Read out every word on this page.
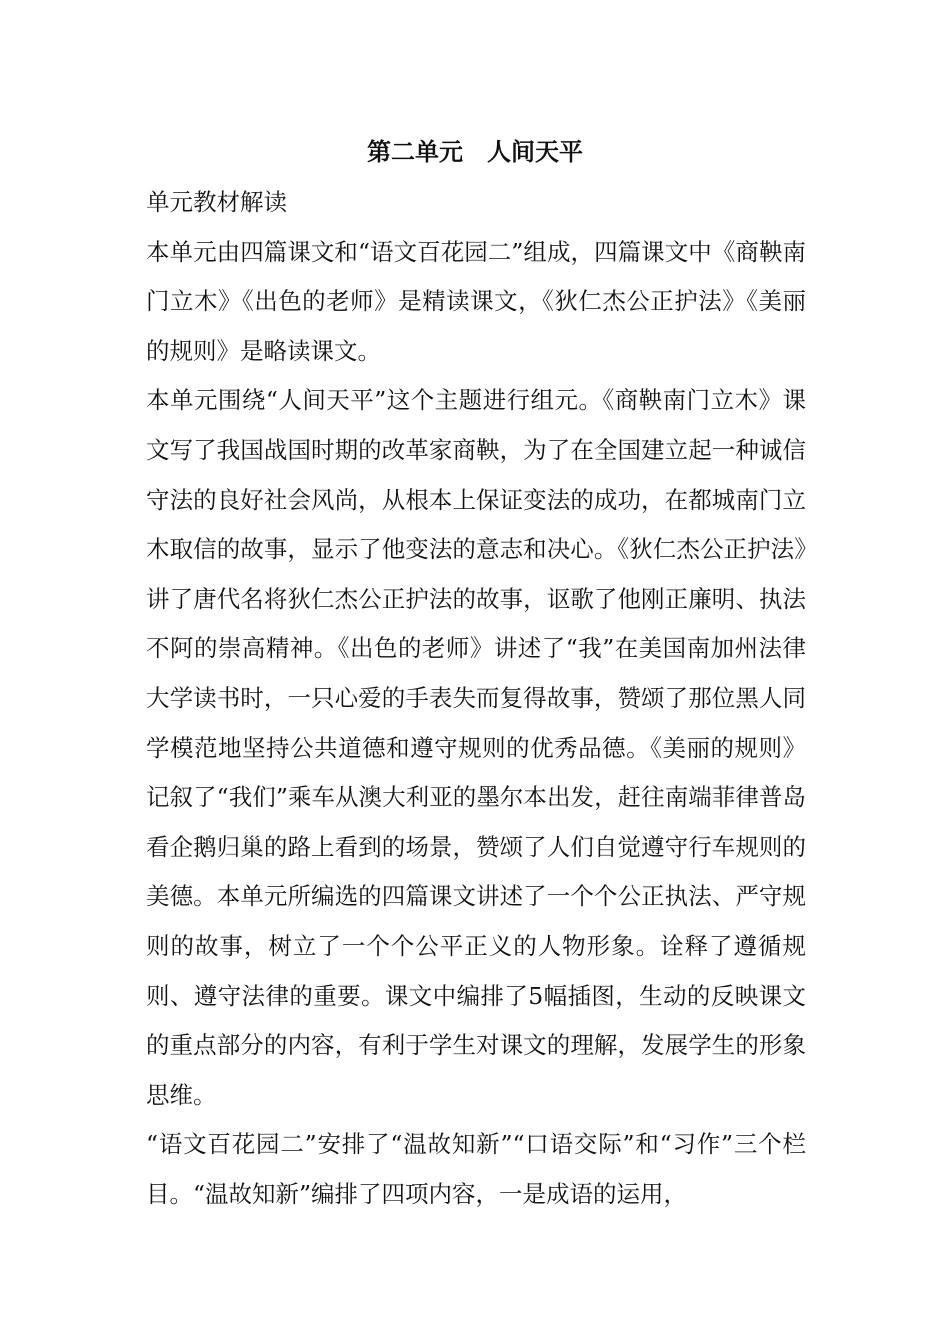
第二单元　人间天平

单元教材解读

本单元由四篇课文和“语文百花园二”组成，四篇课文中《商鞅南门立木》《出色的老师》是精读课文，《狄仁杰公正护法》《美丽的规则》是略读课文。

本单元围绕“人间天平”这个主题进行组元。《商鞅南门立木》课文写了我国战国时期的改革家商鞅，为了在全国建立起一种诚信守法的良好社会风尚，从根本上保证变法的成功，在都城南门立木取信的故事，显示了他变法的意志和决心。《狄仁杰公正护法》讲了唐代名将狄仁杰公正护法的故事，讴歌了他刚正廉明、执法不阿的崇高精神。《出色的老师》讲述了“我”在美国南加州法律大学读书时，一只心爱的手表失而复得故事，赞颂了那位黑人同学模范地坚持公共道德和遵守规则的优秀品德。《美丽的规则》记叙了“我们”乘车从澳大利亚的墨尔本出发，赶往南端菲律普岛看企鹅归巢的路上看到的场景，赞颂了人们自觉遵守行车规则的美德。本单元所编选的四篇课文讲述了一个个公正执法、严守规则的故事，树立了一个个公平正义的人物形象。诠释了遵循规则、遵守法律的重要。课文中编排了5幅插图，生动的反映课文的重点部分的内容，有利于学生对课文的理解，发展学生的形象思维。

“语文百花园二”安排了“温故知新”“口语交际”和“习作”三个栏目。“温故知新”编排了四项内容，一是成语的运用，
